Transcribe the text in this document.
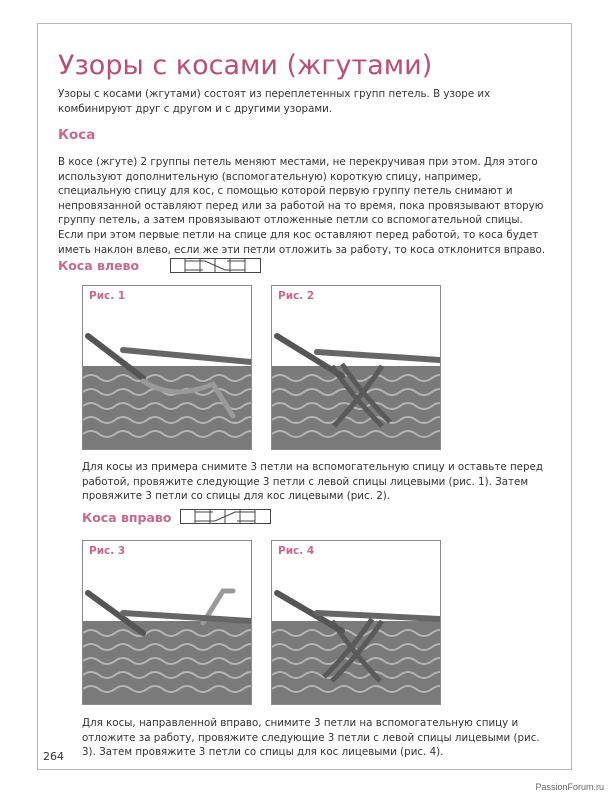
Узоры с косами (жгутами)

Узоры с косами (жгутами) состоят из переплетенных групп петель. В узоре их комбинируют друг с другом и с другими узорами.

Коса

В косе (жгуте) 2 группы петель меняют местами, не перекручивая при этом. Для этого используют дополнительную (вспомогательную) короткую спицу, например, специальную спицу для кос, с помощью которой первую группу петель снимают и непровязанной оставляют перед или за работой на то время, пока провязывают вторую группу петель, а затем провязывают отложенные петли со вспомогательной спицы. Если при этом первые петли на спице для кос оставляют перед работой, то коса будет иметь наклон влево, если же эти петли отложить за работу, то коса отклонится вправо.

Коса влево
Рис. 1	Рис. 2

Для косы из примера снимите 3 петли на вспомогательную спицу и оставьте перед работой, провяжите следующие 3 петли с левой спицы лицевыми (рис. 1). Затем провяжите 3 петли со спицы для кос лицевыми (рис. 2).

Коса вправо
Рис. 3	Рис. 4

Для косы, направленной вправо, снимите 3 петли на вспомогательную спицу и отложите за работу, провяжите следующие 3 петли с левой спицы лицевыми (рис. 3). Затем провяжите 3 петли со спицы для кос лицевыми (рис. 4).

264
PassionForum.ru
